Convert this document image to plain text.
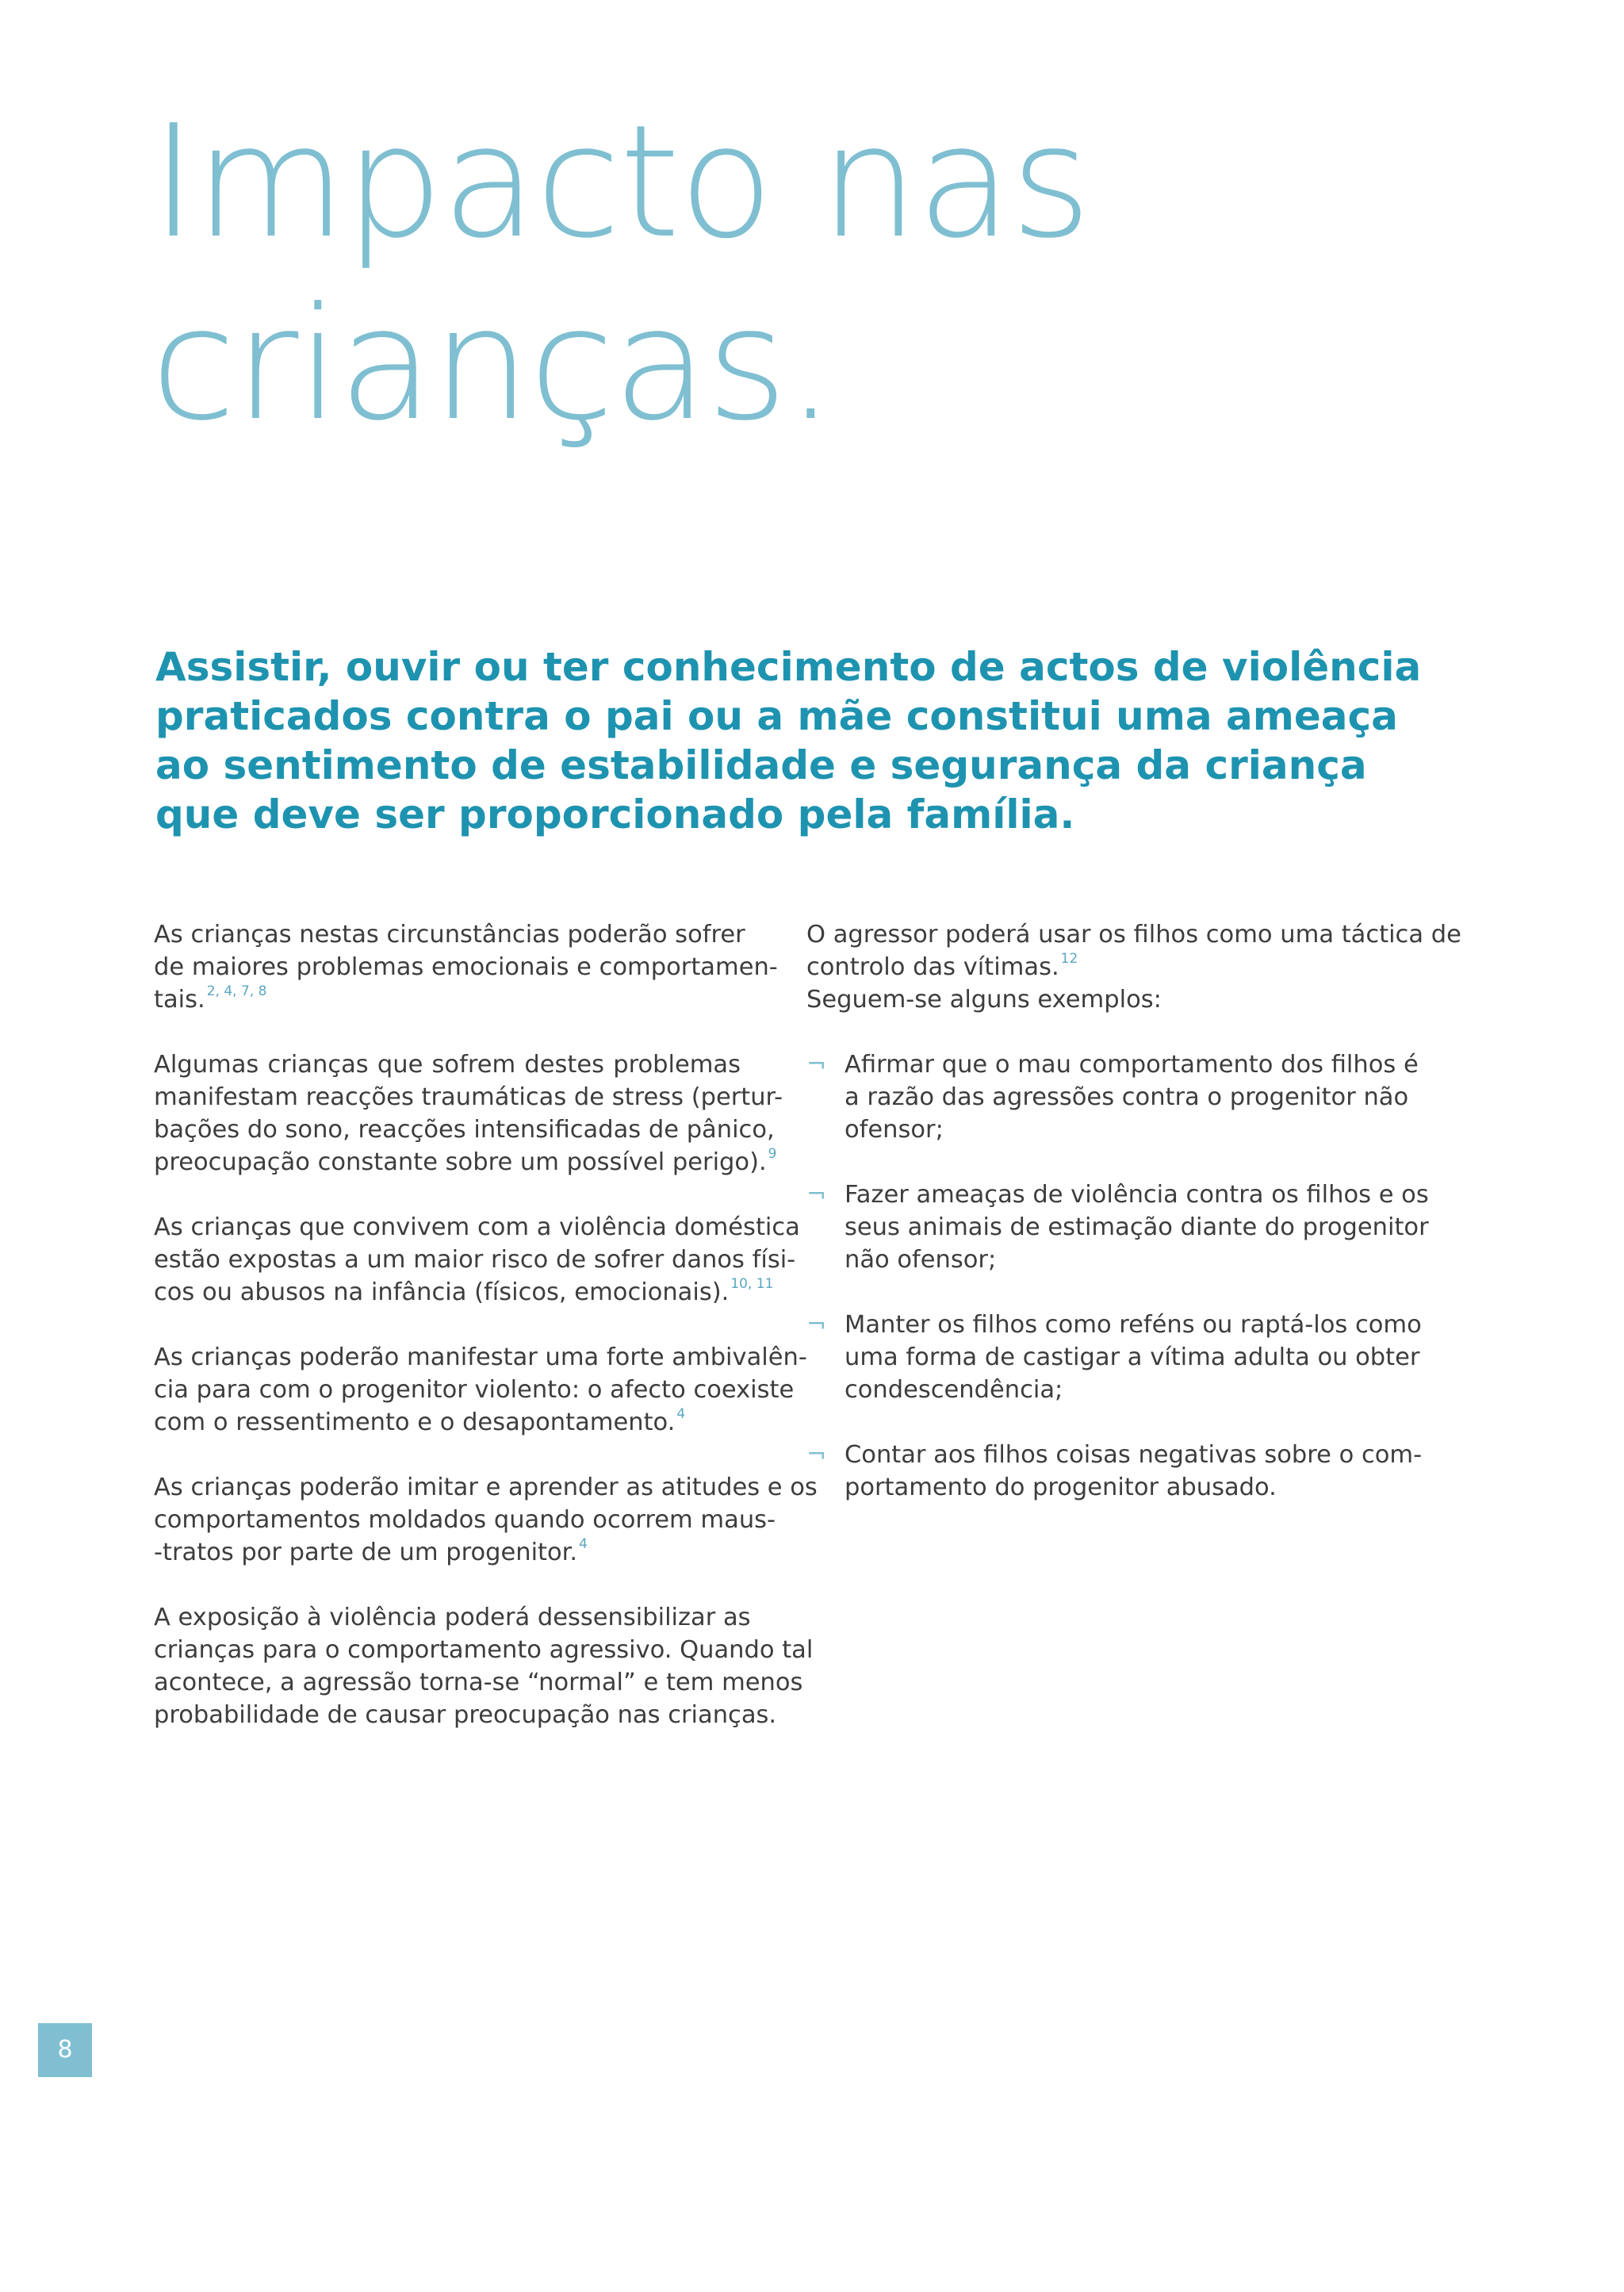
Impacto nas
crianças.
Assistir, ouvir ou ter conhecimento de actos de violência
praticados contra o pai ou a mãe constitui uma ameaça
ao sentimento de estabilidade e segurança da criança
que deve ser proporcionado pela família.
As crianças nestas circunstâncias poderão sofrer
de maiores problemas emocionais e comportamen-
tais. $^{2, 4, 7, 8}$
Algumas crianças que sofrem destes problemas
manifestam reacções traumáticas de stress (pertur-
bações do sono, reacções intensificadas de pânico,
preocupação constante sobre um possível perigo). $^9$
As crianças que convivem com a violência doméstica
estão expostas a um maior risco de sofrer danos físi-
cos ou abusos na infância (físicos, emocionais). $^{10, 11}$
As crianças poderão manifestar uma forte ambivalên-
cia para com o progenitor violento: o afecto coexiste
com o ressentimento e o desapontamento. $^4$
As crianças poderão imitar e aprender as atitudes e os
comportamentos moldados quando ocorrem maus-
-tratos por parte de um progenitor. $^4$
A exposição à violência poderá dessensibilizar as
crianças para o comportamento agressivo. Quando tal
acontece, a agressão torna-se “normal” e tem menos
probabilidade de causar preocupação nas crianças.
O agressor poderá usar os filhos como uma táctica de
controlo das vítimas. $^{12}$
Seguem-se alguns exemplos:
¬ Afirmar que o mau comportamento dos filhos é
a razão das agressões contra o progenitor não
ofensor;
¬ Fazer ameaças de violência contra os filhos e os
seus animais de estimação diante do progenitor
não ofensor;
¬ Manter os filhos como reféns ou raptá-los como
uma forma de castigar a vítima adulta ou obter
condescendência;
¬ Contar aos filhos coisas negativas sobre o com-
portamento do progenitor abusado.
8
